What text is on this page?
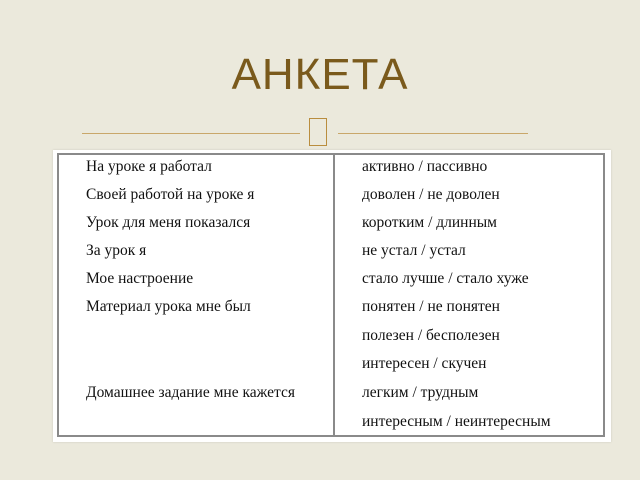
АНКЕТА
На уроке я работал
Своей работой на уроке я
Урок для меня показался
За урок я
Мое настроение
Материал урока мне был
Домашнее задание мне кажется
активно / пассивно
доволен / не доволен
коротким / длинным
не устал / устал
стало лучше / стало хуже
понятен / не понятен
полезен / бесполезен
интересен / скучен
легким / трудным
интересным / неинтересным
